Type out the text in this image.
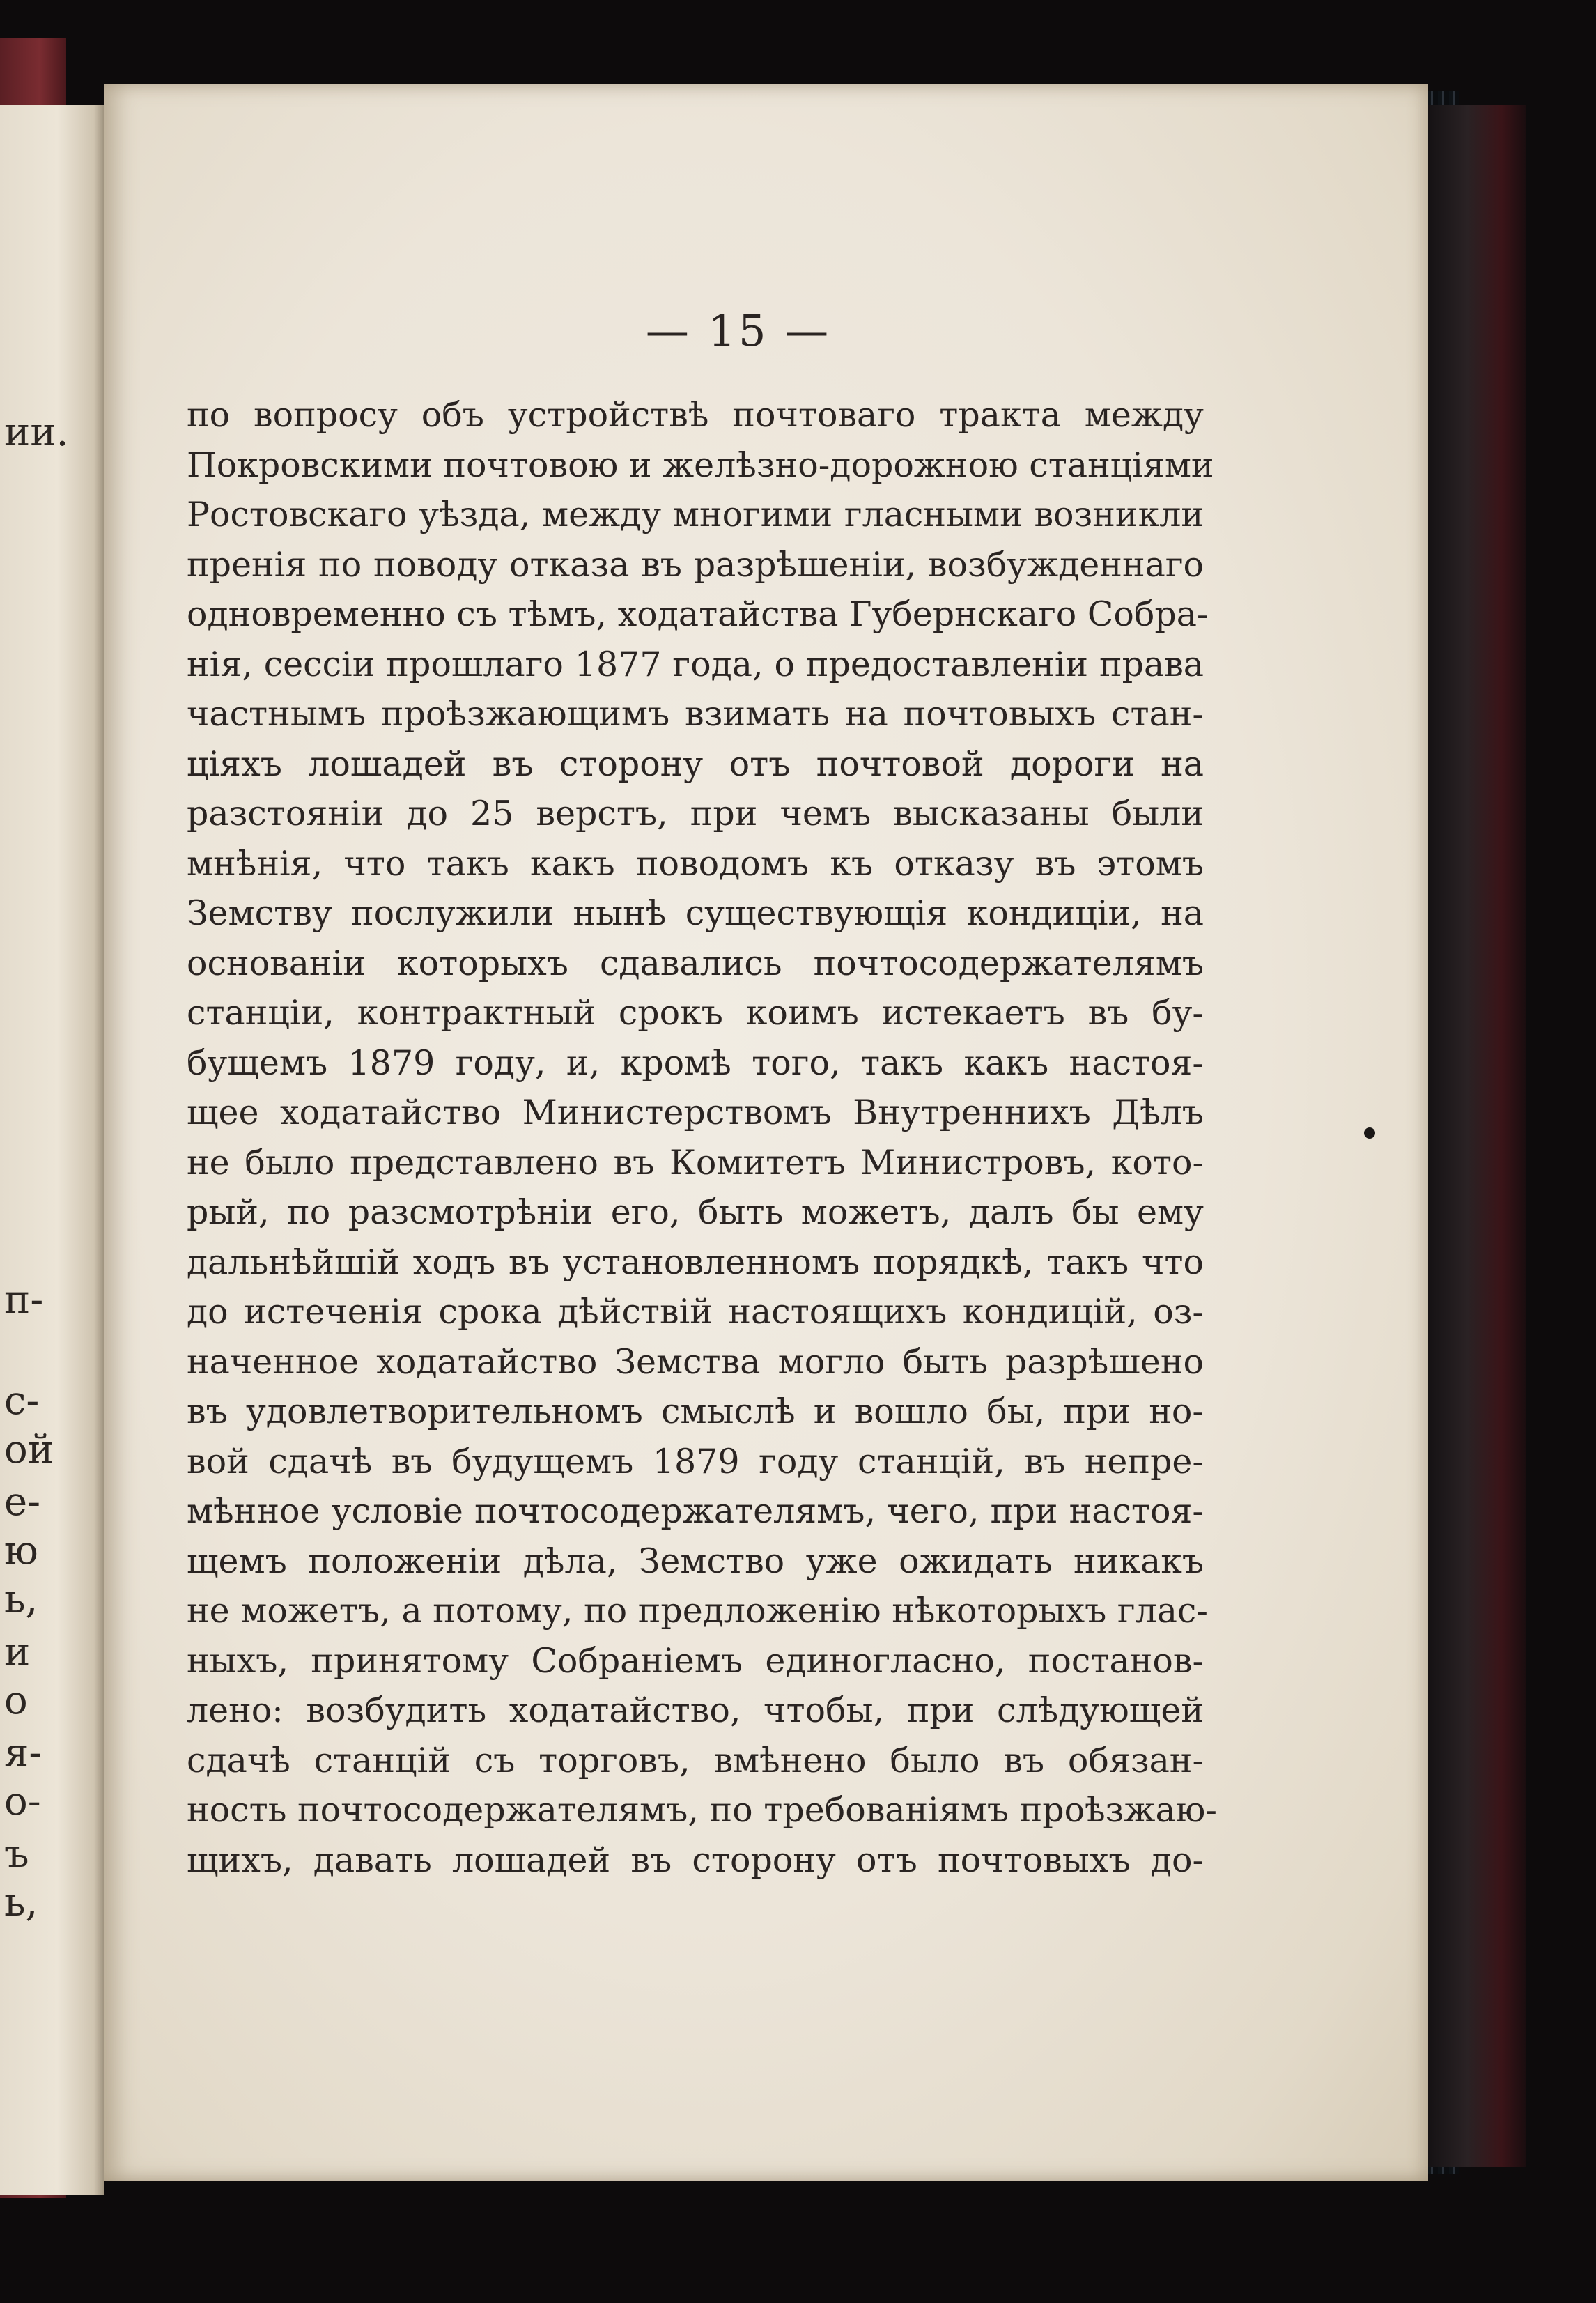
ии.
п-
с-
ой
е-
ю
ь,
и
о
я-
о-
ъ
ь,
— 15 —
по вопросу объ устройствѣ почтоваго тракта между
Покровскими почтовою и желѣзно-дорожною станціями
Ростовскаго уѣзда, между многими гласными возникли
пренія по поводу отказа въ разрѣшеніи, возбужденнаго
одновременно съ тѣмъ, ходатайства Губернскаго Собра-
нія, сессіи прошлаго 1877 года, о предоставленіи права
частнымъ проѣзжающимъ взимать на почтовыхъ стан-
ціяхъ лошадей въ сторону отъ почтовой дороги на
разстояніи до 25 верстъ, при чемъ высказаны были
мнѣнія, что такъ какъ поводомъ къ отказу въ этомъ
Земству послужили нынѣ существующія кондиціи, на
основаніи которыхъ сдавались почтосодержателямъ
станціи, контрактный срокъ коимъ истекаетъ въ бу-
бущемъ 1879 году, и, кромѣ того, такъ какъ настоя-
щее ходатайство Министерствомъ Внутреннихъ Дѣлъ
не было представлено въ Комитетъ Министровъ, кото-
рый, по разсмотрѣніи его, быть можетъ, далъ бы ему
дальнѣйшій ходъ въ установленномъ порядкѣ, такъ что
до истеченія срока дѣйствій настоящихъ кондицій, оз-
наченное ходатайство Земства могло быть разрѣшено
въ удовлетворительномъ смыслѣ и вошло бы, при но-
вой сдачѣ въ будущемъ 1879 году станцій, въ непре-
мѣнное условіе почтосодержателямъ, чего, при настоя-
щемъ положеніи дѣла, Земство уже ожидать никакъ
не можетъ, а потому, по предложенію нѣкоторыхъ глас-
ныхъ, принятому Собраніемъ единогласно, постанов-
лено: возбудить ходатайство, чтобы, при слѣдующей
сдачѣ станцій съ торговъ, вмѣнено было въ обязан-
ность почтосодержателямъ, по требованіямъ проѣзжаю-
щихъ, давать лошадей въ сторону отъ почтовыхъ до-
